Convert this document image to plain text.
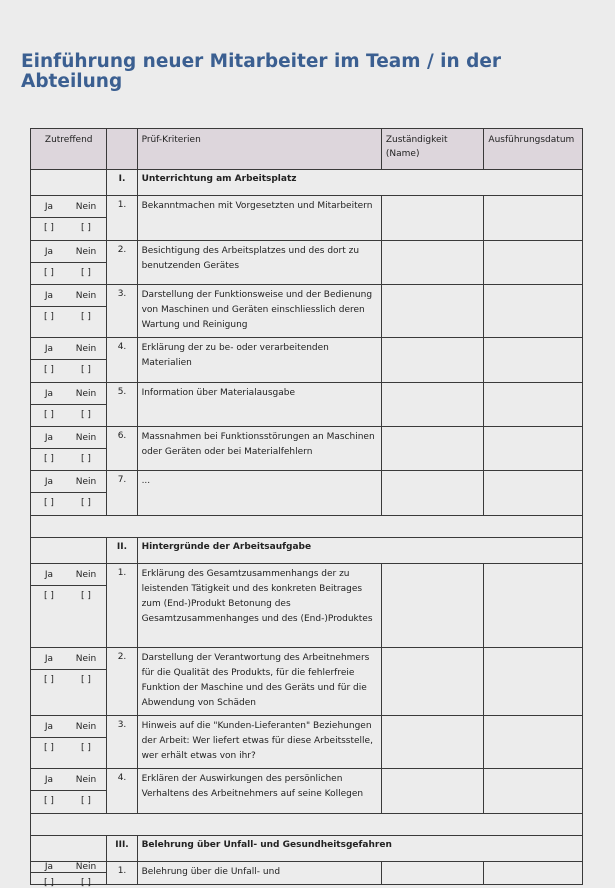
Einführung neuer Mitarbeiter im Team / in der Abteilung
Zutreffend		Prüf-Kriterien	Zuständigkeit (Name)	Ausführungsdatum
	I.	Unterrichtung am Arbeitsplatz		

Ja Nein
[ ] [ ]	1.	Bekanntmachen mit Vorgesetzten und Mitarbeitern		

Ja Nein
[ ] [ ]	2.	Besichtigung des Arbeitsplatzes und des dort zu benutzenden Gerätes		

Ja Nein
[ ] [ ]	3.	Darstellung der Funktionsweise und der Bedienung von Maschinen und Geräten einschliesslich deren Wartung und Reinigung		

Ja Nein
[ ] [ ]	4.	Erklärung der zu be- oder verarbeitenden Materialien		

Ja Nein
[ ] [ ]	5.	Information über Materialausgabe		

Ja Nein
[ ] [ ]	6.	Massnahmen bei Funktionsstörungen an Maschinen oder Geräten oder bei Materialfehlern		

Ja Nein
[ ] [ ]	7.	...		

	II.	Hintergründe der Arbeitsaufgabe		

Ja Nein
[ ] [ ]	1.	Erklärung des Gesamtzusammenhangs der zu leistenden Tätigkeit und des konkreten Beitrages zum (End-)Produkt Betonung des Gesamtzusammenhanges und des (End-)Produktes		

Ja Nein
[ ] [ ]	2.	Darstellung der Verantwortung des Arbeitnehmers für die Qualität des Produkts, für die fehlerfreie Funktion der Maschine und des Geräts und für die Abwendung von Schäden		

Ja Nein
[ ] [ ]	3.	Hinweis auf die "Kunden-Lieferanten" Beziehungen der Arbeit: Wer liefert etwas für diese Arbeitsstelle, wer erhält etwas von ihr?		

Ja Nein
[ ] [ ]	4.	Erklären der Auswirkungen des persönlichen Verhaltens des Arbeitnehmers auf seine Kollegen		

	III.	Belehrung über Unfall- und Gesundheitsgefahren		

Ja Nein
[ ] [ ]	1.	Belehrung über die Unfall- und		
